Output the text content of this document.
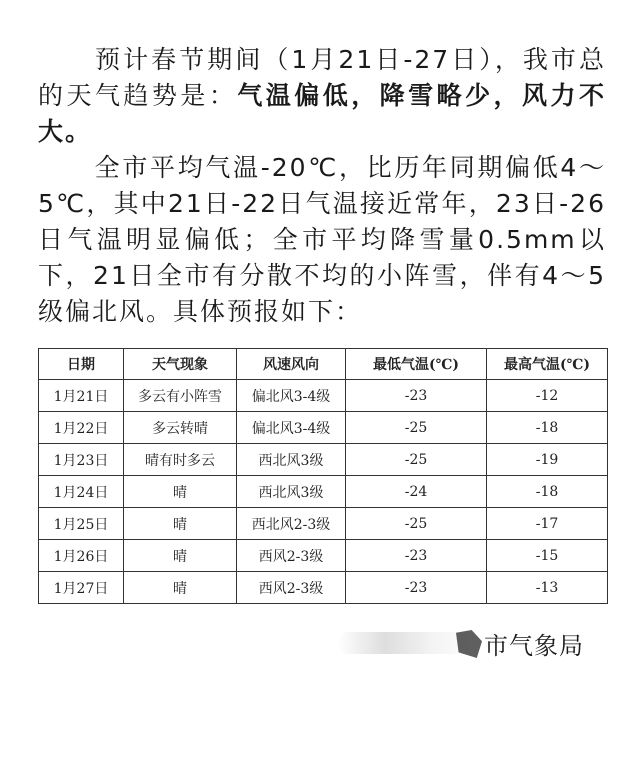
预计春节期间（1月21日-27日），我市总的天气趋势是：气温偏低，降雪略少，风力不大。
全市平均气温-20℃，比历年同期偏低4～5℃，其中21日-22日气温接近常年，23日-26日气温明显偏低；全市平均降雪量0.5mm以下，21日全市有分散不均的小阵雪，伴有4～5级偏北风。具体预报如下：
日期	天气现象	风速风向	最低气温(℃)	最高气温(℃)
1月21日	多云有小阵雪	偏北风3-4级	-23	-12
1月22日	多云转晴	偏北风3-4级	-25	-18
1月23日	晴有时多云	西北风3级	-25	-19
1月24日	晴	西北风3级	-24	-18
1月25日	晴	西北风2-3级	-25	-17
1月26日	晴	西风2-3级	-23	-15
1月27日	晴	西风2-3级	-23	-13
市气象局
